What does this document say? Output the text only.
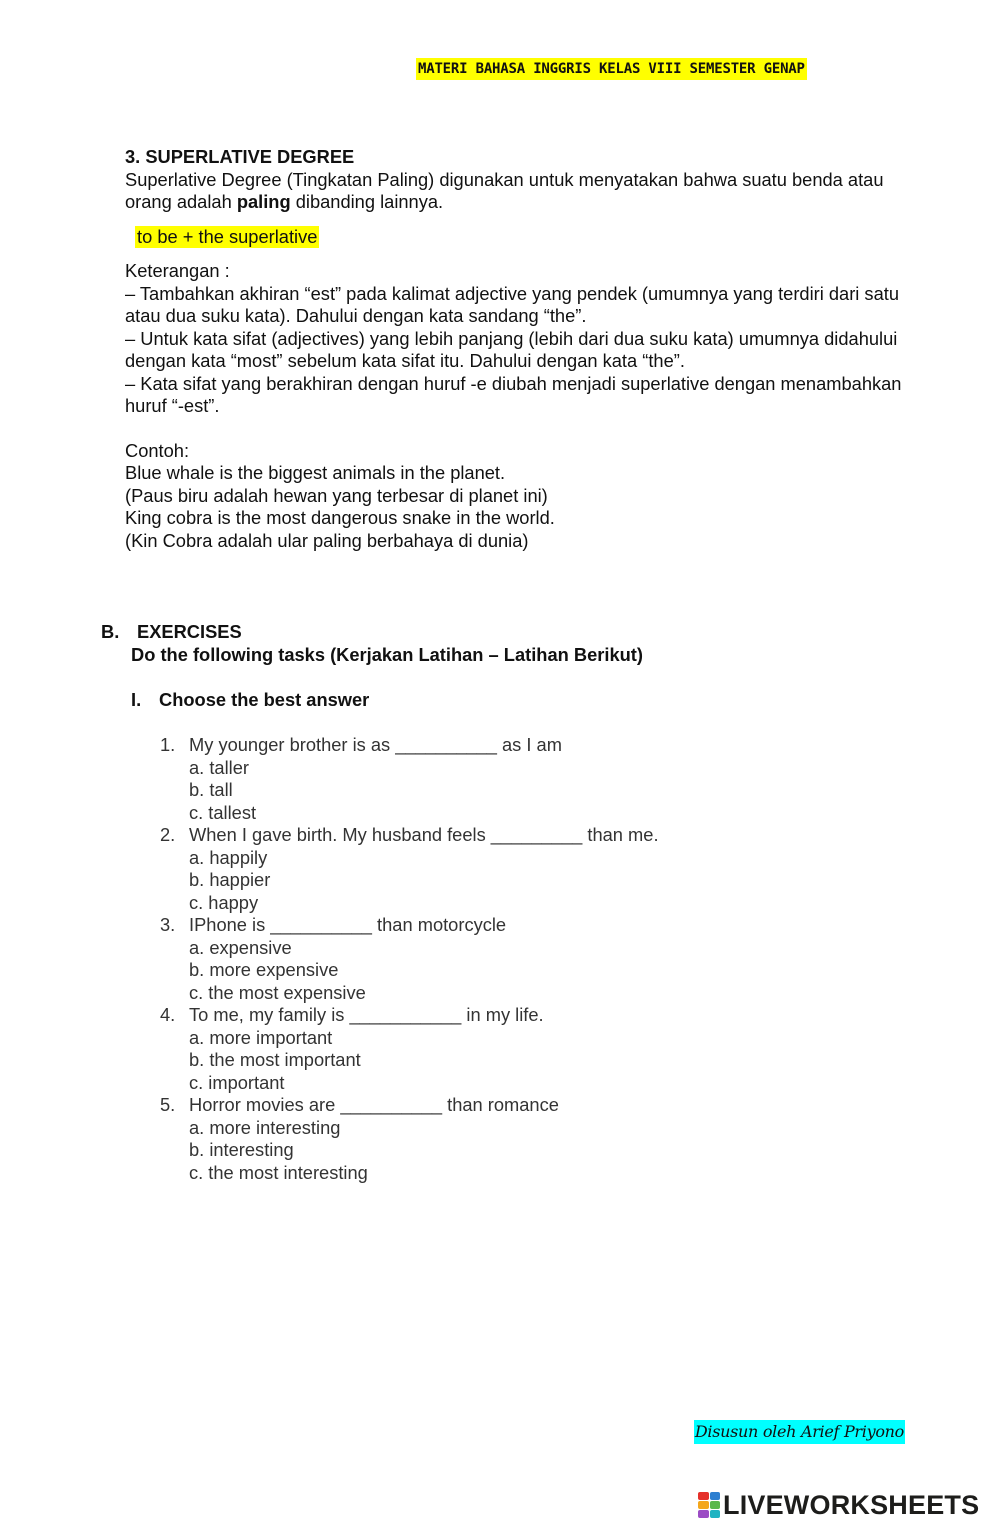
MATERI BAHASA INGGRIS KELAS VIII SEMESTER GENAP

3. SUPERLATIVE DEGREE

Superlative Degree (Tingkatan Paling) digunakan untuk menyatakan bahwa suatu benda atau orang adalah paling dibanding lainnya.

to be + the superlative

Keterangan :

– Tambahkan akhiran “est” pada kalimat adjective yang pendek (umumnya yang terdiri dari satu atau dua suku kata). Dahului dengan kata sandang “the”.

– Untuk kata sifat (adjectives) yang lebih panjang (lebih dari dua suku kata) umumnya didahului dengan kata “most” sebelum kata sifat itu. Dahului dengan kata “the”.

– Kata sifat yang berakhiran dengan huruf -e diubah menjadi superlative dengan menambahkan huruf “-est”.

Contoh:

Blue whale is the biggest animals in the planet.

(Paus biru adalah hewan yang terbesar di planet ini)

King cobra is the most dangerous snake in the world.

(Kin Cobra adalah ular paling berbahaya di dunia)

B. EXERCISES
Do the following tasks (Kerjakan Latihan – Latihan Berikut)
I. Choose the best answer
1. My younger brother is as __________ as I am
a. taller
b. tall
c. tallest
2. When I gave birth. My husband feels _________ than me.
a. happily
b. happier
c. happy
3. IPhone is __________ than motorcycle
a. expensive
b. more expensive
c. the most expensive
4. To me, my family is ___________ in my life.
a. more important
b. the most important
c. important
5. Horror movies are __________ than romance
a. more interesting
b. interesting
c. the most interesting
Disusun oleh Arief Priyono
LIVEWORKSHEETS
